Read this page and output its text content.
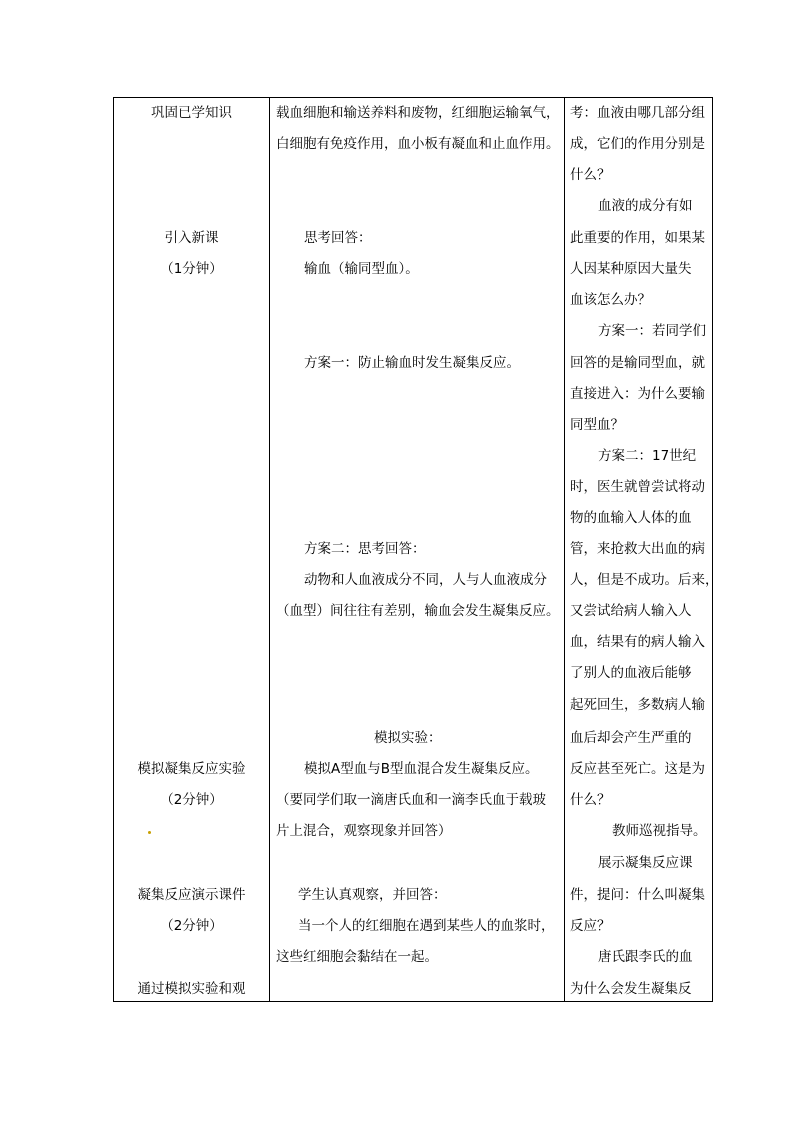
巩固已学知识
引入新课
（1分钟）
模拟凝集反应实验
（2分钟）
凝集反应演示课件
（2分钟）
通过模拟实验和观
载血细胞和输送养料和废物，红细胞运输氧气，
白细胞有免疫作用，血小板有凝血和止血作用。
思考回答：
输血（输同型血）。
方案一：防止输血时发生凝集反应。
方案二：思考回答：
动物和人血液成分不同，人与人血液成分
（血型）间往往有差别，输血会发生凝集反应。
模拟实验：
模拟A型血与B型血混合发生凝集反应。
（要同学们取一滴唐氏血和一滴李氏血于载玻
片上混合，观察现象并回答）
学生认真观察，并回答：
当一个人的红细胞在遇到某些人的血浆时，
这些红细胞会黏结在一起。
考：血液由哪几部分组
成，它们的作用分别是
什么？
血液的成分有如
此重要的作用，如果某
人因某种原因大量失
血该怎么办？
方案一：若同学们
回答的是输同型血，就
直接进入：为什么要输
同型血？
方案二：17世纪
时，医生就曾尝试将动
物的血输入人体的血
管，来抢救大出血的病
人，但是不成功。后来，
又尝试给病人输入人
血，结果有的病人输入
了别人的血液后能够
起死回生，多数病人输
血后却会产生严重的
反应甚至死亡。这是为
什么？
教师巡视指导。
展示凝集反应课
件，提问：什么叫凝集
反应？
唐氏跟李氏的血
为什么会发生凝集反
